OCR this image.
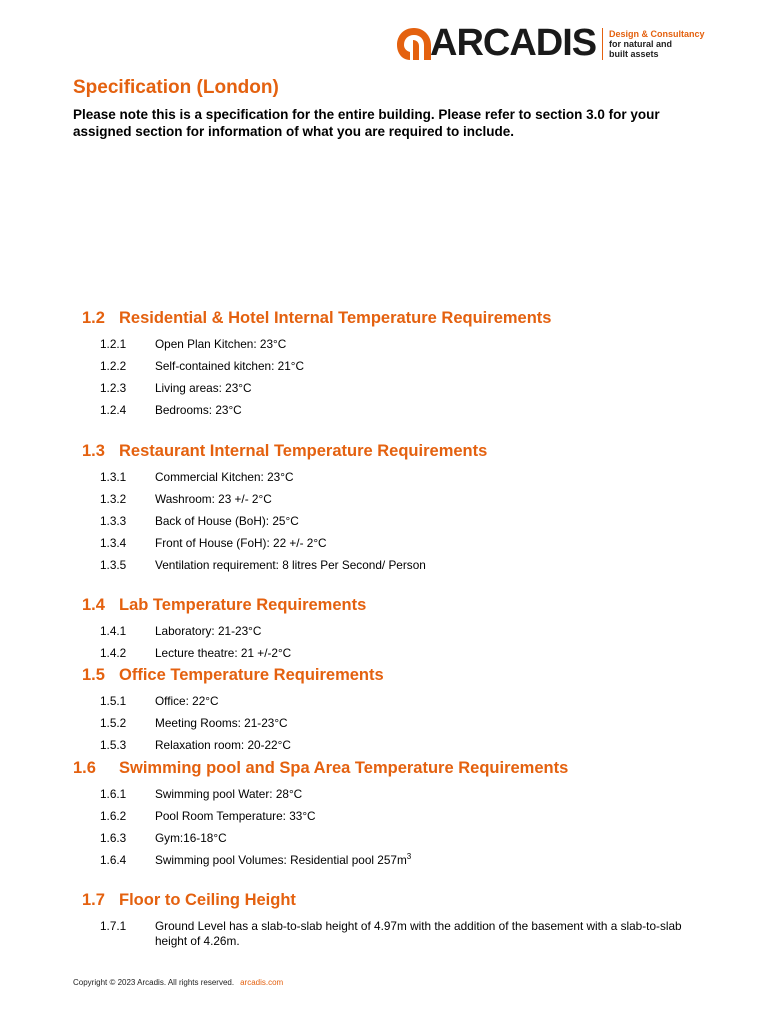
ARCADIS Design & Consultancy
for natural and
built assets
Specification (London)

Please note this is a specification for the entire building. Please refer to section 3.0 for your assigned section for information of what you are required to include.

1.2 Residential & Hotel Internal Temperature Requirements
1.2.1 Open Plan Kitchen: 23°C
1.2.2 Self-contained kitchen: 21°C
1.2.3 Living areas: 23°C
1.2.4 Bedrooms: 23°C
1.3 Restaurant Internal Temperature Requirements
1.3.1 Commercial Kitchen: 23°C
1.3.2 Washroom: 23 +/- 2°C
1.3.3 Back of House (BoH): 25°C
1.3.4 Front of House (FoH): 22 +/- 2°C
1.3.5 Ventilation requirement: 8 litres Per Second/ Person
1.4 Lab Temperature Requirements
1.4.1 Laboratory: 21-23°C
1.4.2 Lecture theatre: 21 +/-2°C
1.5 Office Temperature Requirements
1.5.1 Office: 22°C
1.5.2 Meeting Rooms: 21-23°C
1.5.3 Relaxation room: 20-22°C
1.6 Swimming pool and Spa Area Temperature Requirements
1.6.1 Swimming pool Water: 28°C
1.6.2 Pool Room Temperature: 33°C
1.6.3 Gym:16-18°C
1.6.4 Swimming pool Volumes: Residential pool $257m^3$
1.7 Floor to Ceiling Height
1.7.1 Ground Level has a slab-to-slab height of 4.97m with the addition of the basement with a slab-to-slab height of 4.26m.
Copyright © 2023 Arcadis. All rights reserved. arcadis.com
